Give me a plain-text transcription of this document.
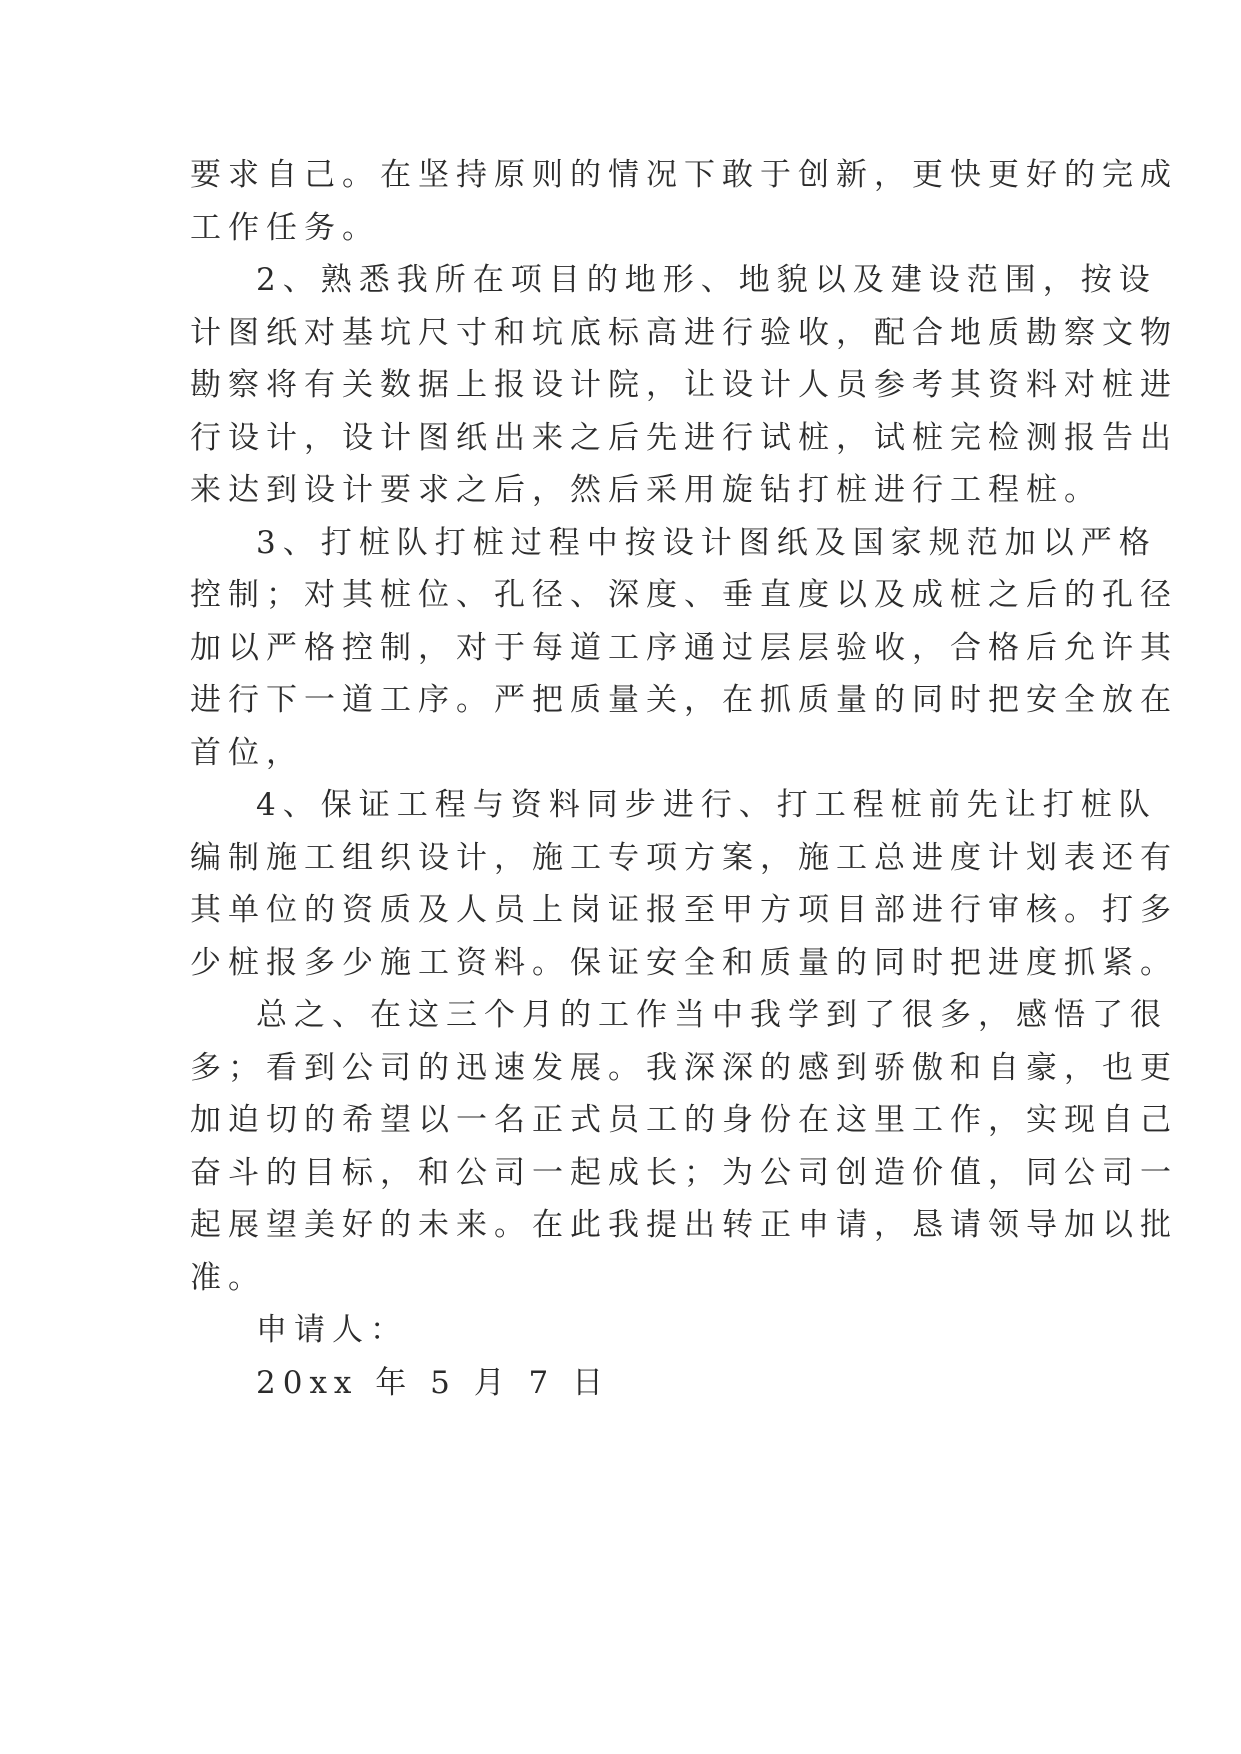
要求自己。在坚持原则的情况下敢于创新，更快更好的完成
工作任务。
2、熟悉我所在项目的地形、地貌以及建设范围，按设
计图纸对基坑尺寸和坑底标高进行验收，配合地质勘察文物
勘察将有关数据上报设计院，让设计人员参考其资料对桩进
行设计，设计图纸出来之后先进行试桩，试桩完检测报告出
来达到设计要求之后，然后采用旋钻打桩进行工程桩。
3、打桩队打桩过程中按设计图纸及国家规范加以严格
控制；对其桩位、孔径、深度、垂直度以及成桩之后的孔径
加以严格控制，对于每道工序通过层层验收，合格后允许其
进行下一道工序。严把质量关，在抓质量的同时把安全放在
首位，
4、保证工程与资料同步进行、打工程桩前先让打桩队
编制施工组织设计，施工专项方案，施工总进度计划表还有
其单位的资质及人员上岗证报至甲方项目部进行审核。打多
少桩报多少施工资料。保证安全和质量的同时把进度抓紧。
总之、在这三个月的工作当中我学到了很多，感悟了很
多；看到公司的迅速发展。我深深的感到骄傲和自豪，也更
加迫切的希望以一名正式员工的身份在这里工作，实现自己
奋斗的目标，和公司一起成长；为公司创造价值，同公司一
起展望美好的未来。在此我提出转正申请，恳请领导加以批
准。
申请人：
20xx 年 5 月 7 日
